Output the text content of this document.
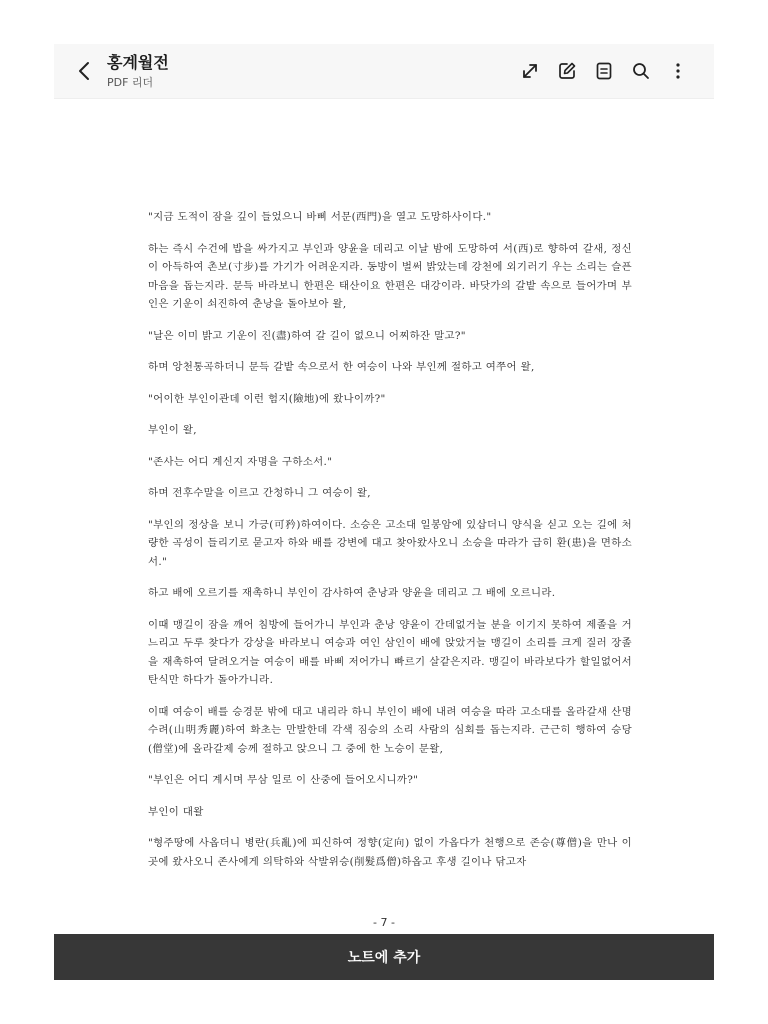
홍계월전
PDF 리더

"지금 도적이 잠을 깊이 들었으니 바삐 서문(西門)을 열고 도망하사이다."

하는 즉시 수건에 밥을 싸가지고 부인과 양윤을 데리고 이날 밤에 도망하여 서(西)로 향하여 갈새, 정신이 아득하여 촌보(寸步)를 가기가 어려운지라. 동방이 벌써 밝았는데 강천에 외기러기 우는 소리는 슬픈 마음을 돕는지라. 문득 바라보니 한편은 태산이요 한편은 대강이라. 바닷가의 갈밭 속으로 들어가며 부인은 기운이 쇠진하여 춘낭을 돌아보아 왈,

"날은 이미 밝고 기운이 진(盡)하여 갈 길이 없으니 어찌하잔 말고?"

하며 앙천통곡하더니 문득 갈밭 속으로서 한 여승이 나와 부인께 절하고 여쭈어 왈,

"어이한 부인이관데 이런 험지(險地)에 왔나이까?"

부인이 왈,

"존사는 어디 계신지 자명을 구하소서."

하며 전후수말을 이르고 간청하니 그 여승이 왈,

"부인의 정상을 보니 가긍(可矜)하여이다. 소승은 고소대 일봉암에 있삽더니 양식을 싣고 오는 길에 처량한 곡성이 들리기로 묻고자 하와 배를 강변에 대고 찾아왔사오니 소승을 따라가 급히 환(患)을 면하소서."

하고 배에 오르기를 재촉하니 부인이 감사하여 춘낭과 양윤을 데리고 그 배에 오르니라.

이때 맹길이 잠을 깨어 침방에 들어가니 부인과 춘낭 양윤이 간데없거늘 분을 이기지 못하여 제졸을 거느리고 두루 찾다가 강상을 바라보니 여승과 여인 삼인이 배에 앉았거늘 맹길이 소리를 크게 질러 장졸을 재촉하여 달려오거늘 여승이 배를 바삐 저어가니 빠르기 살같은지라. 맹길이 바라보다가 할일없어서 탄식만 하다가 돌아가니라.

이때 여승이 배를 승경문 밖에 대고 내리라 하니 부인이 배에 내려 여승을 따라 고소대를 올라갈새 산명수려(山明秀麗)하여 화초는 만발한데 각색 짐승의 소리 사람의 심회를 돕는지라. 근근히 행하여 승당(僧堂)에 올라갈제 승께 절하고 앉으니 그 중에 한 노승이 문왈,

"부인은 어디 계시며 무삼 일로 이 산중에 들어오시니까?"

부인이 대왈

"형주땅에 사옵더니 병란(兵亂)에 피신하여 정향(定向) 없이 가옵다가 천행으로 존승(尊僧)을 만나 이곳에 왔사오니 존사에게 의탁하와 삭발위승(削髮爲僧)하옵고 후생 길이나 닦고자

- 7 -
노트에 추가
